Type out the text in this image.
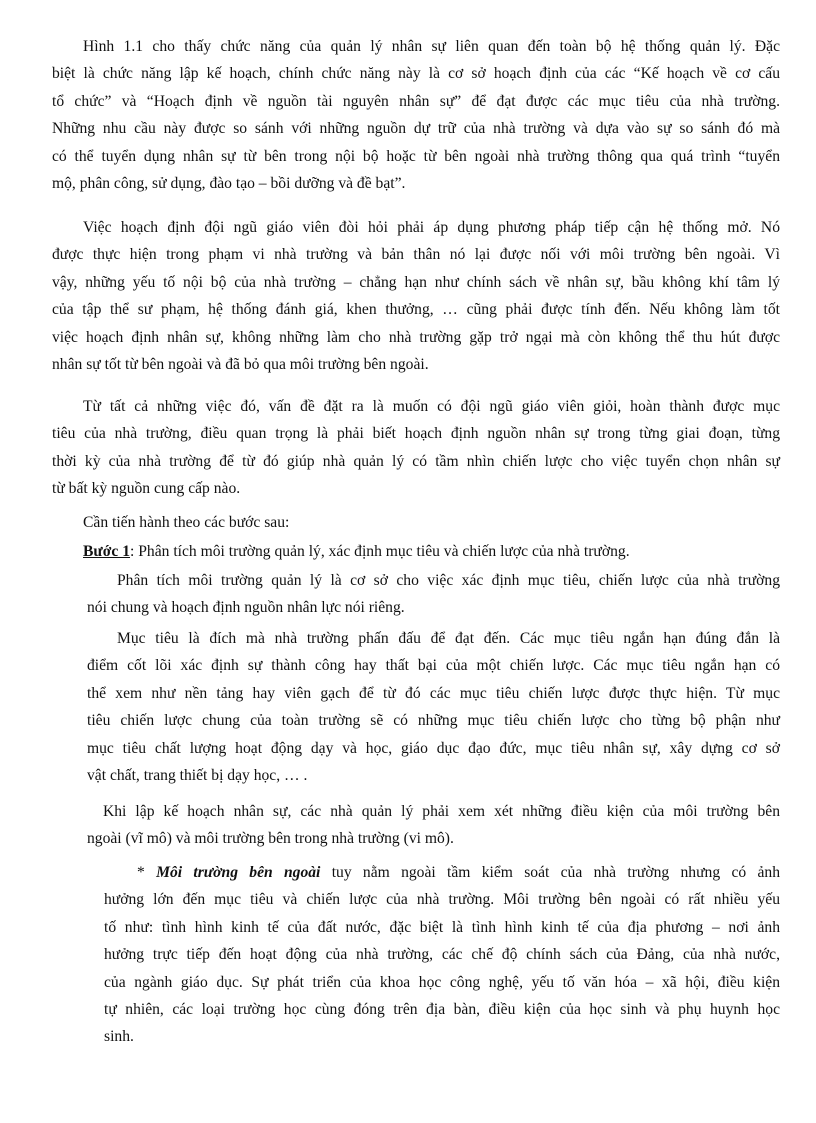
Hình 1.1 cho thấy chức năng của quản lý nhân sự liên quan đến toàn bộ hệ thống quản lý. Đặc
biệt là chức năng lập kế hoạch, chính chức năng này là cơ sở hoạch định của các “Kế hoạch về cơ cấu
tổ chức” và “Hoạch định về nguồn tài nguyên nhân sự” để đạt được các mục tiêu của nhà trường.
Những nhu cầu này được so sánh với những nguồn dự trữ của nhà trường và dựa vào sự so sánh đó mà
có thể tuyển dụng nhân sự từ bên trong nội bộ hoặc từ bên ngoài nhà trường thông qua quá trình “tuyển
mộ, phân công, sử dụng, đào tạo – bồi dưỡng và đề bạt”.
Việc hoạch định đội ngũ giáo viên đòi hỏi phải áp dụng phương pháp tiếp cận hệ thống mở. Nó
được thực hiện trong phạm vi nhà trường và bản thân nó lại được nối với môi trường bên ngoài. Vì
vậy, những yếu tố nội bộ của nhà trường – chẳng hạn như chính sách về nhân sự, bầu không khí tâm lý
của tập thể sư phạm, hệ thống đánh giá, khen thưởng, … cũng phải được tính đến. Nếu không làm tốt
việc hoạch định nhân sự, không những làm cho nhà trường gặp trở ngại mà còn không thể thu hút được
nhân sự tốt từ bên ngoài và đã bỏ qua môi trường bên ngoài.
Từ tất cả những việc đó, vấn đề đặt ra là muốn có đội ngũ giáo viên giỏi, hoàn thành được mục
tiêu của nhà trường, điều quan trọng là phải biết hoạch định nguồn nhân sự trong từng giai đoạn, từng
thời kỳ của nhà trường để từ đó giúp nhà quản lý có tầm nhìn chiến lược cho việc tuyển chọn nhân sự
từ bất kỳ nguồn cung cấp nào.
Cần tiến hành theo các bước sau:
Bước 1: Phân tích môi trường quản lý, xác định mục tiêu và chiến lược của nhà trường.
Phân tích môi trường quản lý là cơ sở cho việc xác định mục tiêu, chiến lược của nhà trường
nói chung và hoạch định nguồn nhân lực nói riêng.
Mục tiêu là đích mà nhà trường phấn đấu để đạt đến. Các mục tiêu ngắn hạn đúng đắn là
điểm cốt lõi xác định sự thành công hay thất bại của một chiến lược. Các mục tiêu ngắn hạn có
thể xem như nền tảng hay viên gạch để từ đó các mục tiêu chiến lược được thực hiện. Từ mục
tiêu chiến lược chung của toàn trường sẽ có những mục tiêu chiến lược cho từng bộ phận như
mục tiêu chất lượng hoạt động dạy và học, giáo dục đạo đức, mục tiêu nhân sự, xây dựng cơ sở
vật chất, trang thiết bị dạy học, … .
Khi lập kế hoạch nhân sự, các nhà quản lý phải xem xét những điều kiện của môi trường bên
ngoài (vĩ mô) và môi trường bên trong nhà trường (vi mô).
* Môi trường bên ngoài tuy nằm ngoài tầm kiểm soát của nhà trường nhưng có ảnh
hưởng lớn đến mục tiêu và chiến lược của nhà trường. Môi trường bên ngoài có rất nhiều yếu
tố như: tình hình kinh tế của đất nước, đặc biệt là tình hình kinh tế của địa phương – nơi ảnh
hưởng trực tiếp đến hoạt động của nhà trường, các chế độ chính sách của Đảng, của nhà nước,
của ngành giáo dục. Sự phát triển của khoa học công nghệ, yếu tố văn hóa – xã hội, điều kiện
tự nhiên, các loại trường học cùng đóng trên địa bàn, điều kiện của học sinh và phụ huynh học
sinh.
